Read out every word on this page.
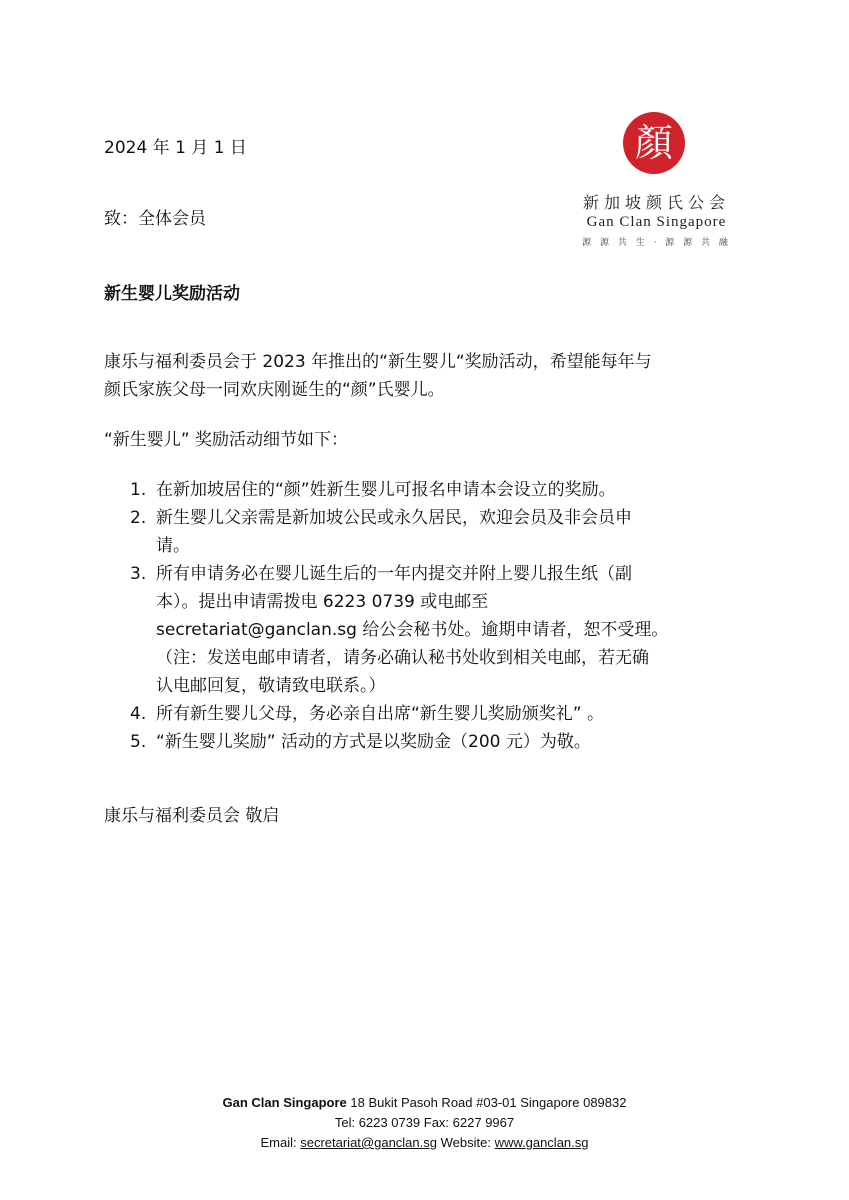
顏
新加坡颜氏公会
Gan Clan Singapore
源 源 共 生 · 源 源 共 融
2024 年 1 月 1 日
致：全体会员
新生婴儿奖励活动
康乐与福利委员会于 2023 年推出的“新生婴儿“奖励活动，希望能每年与
颜氏家族父母一同欢庆刚诞生的“颜”氏婴儿。
“新生婴儿” 奖励活动细节如下：
1. 在新加坡居住的“颜”姓新生婴儿可报名申请本会设立的奖励。
2. 新生婴儿父亲需是新加坡公民或永久居民，欢迎会员及非会员申
请。
3. 所有申请务必在婴儿诞生后的一年内提交并附上婴儿报生纸（副
本）。提出申请需拨电 6223 0739 或电邮至
secretariat@ganclan.sg 给公会秘书处。逾期申请者，恕不受理。
（注：发送电邮申请者，请务必确认秘书处收到相关电邮，若无确
认电邮回复，敬请致电联系。）
4. 所有新生婴儿父母，务必亲自出席“新生婴儿奖励颁奖礼” 。
5. “新生婴儿奖励” 活动的方式是以奖励金（200 元）为敬。
康乐与福利委员会 敬启
Gan Clan Singapore 18 Bukit Pasoh Road #03-01 Singapore 089832
Tel: 6223 0739 Fax: 6227 9967
Email: secretariat@ganclan.sg Website: www.ganclan.sg
